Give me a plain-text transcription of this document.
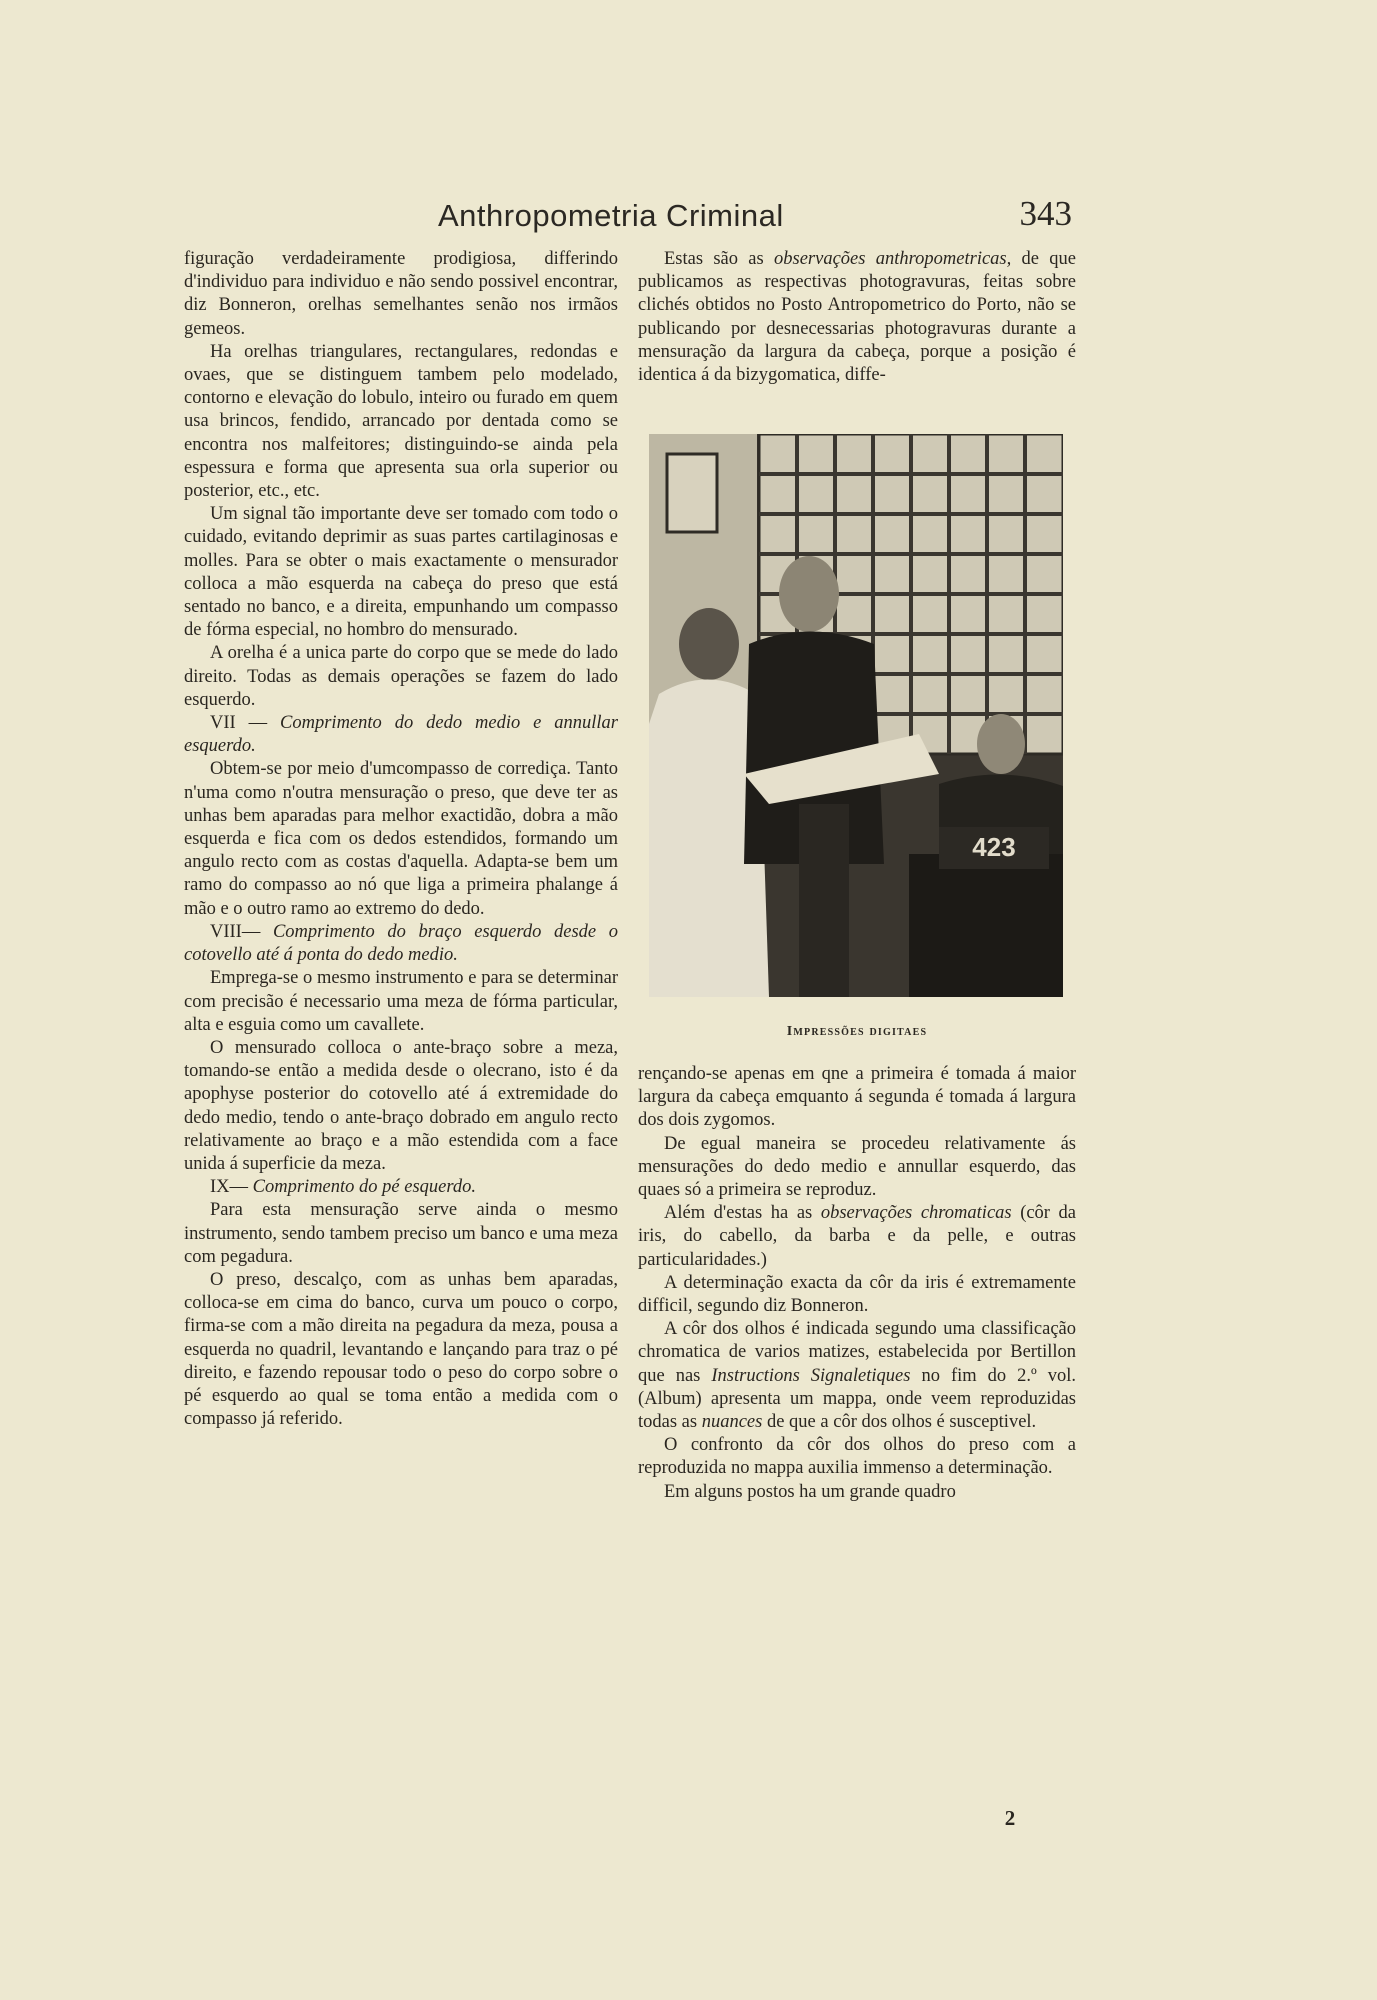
Anthropometria Criminal	343

figuração verdadeiramente prodigiosa, differindo d'individuo para individuo e não sendo possivel encontrar, diz Bonneron, orelhas semelhantes senão nos irmãos gemeos.

Ha orelhas triangulares, rectangulares, redondas e ovaes, que se distinguem tambem pelo modelado, contorno e elevação do lobulo, inteiro ou furado em quem usa brincos, fendido, arrancado por dentada como se encontra nos malfeitores; distinguindo-se ainda pela espessura e forma que apresenta sua orla superior ou posterior, etc., etc.

Um signal tão importante deve ser tomado com todo o cuidado, evitando deprimir as suas partes cartilaginosas e molles. Para se obter o mais exactamente o mensurador colloca a mão esquerda na cabeça do preso que está sentado no banco, e a direita, empunhando um compasso de fórma especial, no hombro do mensurado.

A orelha é a unica parte do corpo que se mede do lado direito. Todas as demais operações se fazem do lado esquerdo.

VII — Comprimento do dedo medio e annullar esquerdo.

Obtem-se por meio d'umcompasso de corrediça. Tanto n'uma como n'outra mensuração o preso, que deve ter as unhas bem aparadas para melhor exactidão, dobra a mão esquerda e fica com os dedos estendidos, formando um angulo recto com as costas d'aquella. Adapta-se bem um ramo do compasso ao nó que liga a primeira phalange á mão e o outro ramo ao extremo do dedo.

VIII— Comprimento do braço esquerdo desde o cotovello até á ponta do dedo medio.

Emprega-se o mesmo instrumento e para se determinar com precisão é necessario uma meza de fórma particular, alta e esguia como um cavallete.

O mensurado colloca o ante-braço sobre a meza, tomando-se então a medida desde o olecrano, isto é da apophyse posterior do cotovello até á extremidade do dedo medio, tendo o ante-braço dobrado em angulo recto relativamente ao braço e a mão estendida com a face unida á superficie da meza.

IX— Comprimento do pé esquerdo.

Para esta mensuração serve ainda o mesmo instrumento, sendo tambem preciso um banco e uma meza com pegadura.

O preso, descalço, com as unhas bem aparadas, colloca-se em cima do banco, curva um pouco o corpo, firma-se com a mão direita na pegadura da meza, pousa a esquerda no quadril, levantando e lançando para traz o pé direito, e fazendo repousar todo o peso do corpo sobre o pé esquerdo ao qual se toma então a medida com o compasso já referido.

Estas são as observações anthropometricas, de que publicamos as respectivas photogravuras, feitas sobre clichés obtidos no Posto Antropometrico do Porto, não se publicando por desnecessarias photogravuras durante a mensuração da largura da cabeça, porque a posição é identica á da bizygomatica, diffe-

423
Impressões digitaes

rençando-se apenas em qne a primeira é tomada á maior largura da cabeça emquanto á segunda é tomada á largura dos dois zygomos.

De egual maneira se procedeu relativamente ás mensurações do dedo medio e annullar esquerdo, das quaes só a primeira se reproduz.

Além d'estas ha as observações chromaticas (côr da iris, do cabello, da barba e da pelle, e outras particularidades.)

A determinação exacta da côr da iris é extremamente difficil, segundo diz Bonneron.

A côr dos olhos é indicada segundo uma classificação chromatica de varios matizes, estabelecida por Bertillon que nas Instructions Signaletiques no fim do 2.º vol. (Album) apresenta um mappa, onde veem reproduzidas todas as nuances de que a côr dos olhos é susceptivel.

O confronto da côr dos olhos do preso com a reproduzida no mappa auxilia immenso a determinação.

Em alguns postos ha um grande quadro

2
